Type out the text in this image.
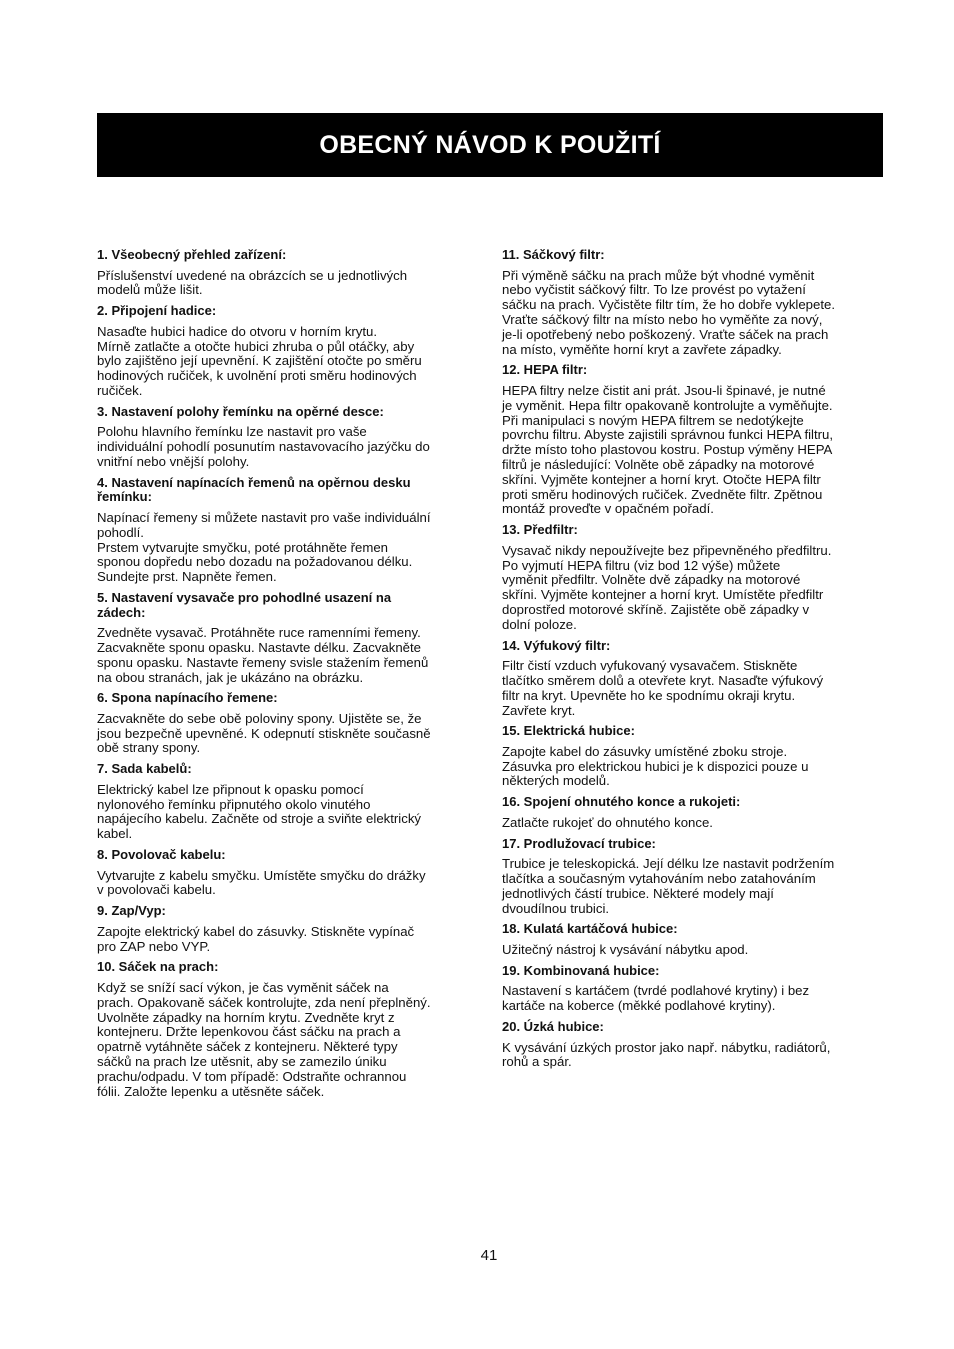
OBECNÝ NÁVOD K POUŽITÍ
1. Všeobecný přehled zařízení:

Příslušenství uvedené na obrázcích se u jednotlivých
modelů může lišit.

2. Připojení hadice:

Nasaďte hubici hadice do otvoru v horním krytu.
Mírně zatlačte a otočte hubici zhruba o půl otáčky, aby
bylo zajištěno její upevnění. K zajištění otočte po směru
hodinových ručiček, k uvolnění proti směru hodinových
ručiček.

3. Nastavení polohy řemínku na opěrné desce:

Polohu hlavního řemínku lze nastavit pro vaše
individuální pohodlí posunutím nastavovacího jazýčku do
vnitřní nebo vnější polohy.

4. Nastavení napínacích řemenů na opěrnou desku
řemínku:

Napínací řemeny si můžete nastavit pro vaše individuální
pohodlí.
Prstem vytvarujte smyčku, poté protáhněte řemen
sponou dopředu nebo dozadu na požadovanou délku.
Sundejte prst. Napněte řemen.

5. Nastavení vysavače pro pohodlné usazení na
zádech:

Zvedněte vysavač. Protáhněte ruce ramenními řemeny.
Zacvakněte sponu opasku. Nastavte délku. Zacvakněte
sponu opasku. Nastavte řemeny svisle stažením řemenů
na obou stranách, jak je ukázáno na obrázku.

6. Spona napínacího řemene:

Zacvakněte do sebe obě poloviny spony. Ujistěte se, že
jsou bezpečně upevněné. K odepnutí stiskněte současně
obě strany spony.

7. Sada kabelů:

Elektrický kabel lze připnout k opasku pomocí
nylonového řemínku připnutého okolo vinutého
napájecího kabelu. Začněte od stroje a sviňte elektrický
kabel.

8. Povolovač kabelu:

Vytvarujte z kabelu smyčku. Umístěte smyčku do drážky
v povolovači kabelu.

9. Zap/Vyp:

Zapojte elektrický kabel do zásuvky. Stiskněte vypínač
pro ZAP nebo VYP.

10. Sáček na prach:

Když se sníží sací výkon, je čas vyměnit sáček na
prach. Opakovaně sáček kontrolujte, zda není přeplněný.
Uvolněte západky na horním krytu. Zvedněte kryt z
kontejneru. Držte lepenkovou část sáčku na prach a
opatrně vytáhněte sáček z kontejneru. Některé typy
sáčků na prach lze utěsnit, aby se zamezilo úniku
prachu/odpadu. V tom případě: Odstraňte ochrannou
fólii. Založte lepenku a utěsněte sáček.

11. Sáčkový filtr:

Při výměně sáčku na prach může být vhodné vyměnit
nebo vyčistit sáčkový filtr. To lze provést po vytažení
sáčku na prach. Vyčistěte filtr tím, že ho dobře vyklepete.
Vraťte sáčkový filtr na místo nebo ho vyměňte za nový,
je-li opotřebený nebo poškozený. Vraťte sáček na prach
na místo, vyměňte horní kryt a zavřete západky.

12. HEPA filtr:

HEPA filtry nelze čistit ani prát. Jsou-li špinavé, je nutné
je vyměnit. Hepa filtr opakovaně kontrolujte a vyměňujte.
Při manipulaci s novým HEPA filtrem se nedotýkejte
povrchu filtru. Abyste zajistili správnou funkci HEPA filtru,
držte místo toho plastovou kostru. Postup výměny HEPA
filtrů je následující: Volněte obě západky na motorové
skříni. Vyjměte kontejner a horní kryt. Otočte HEPA filtr
proti směru hodinových ručiček. Zvedněte filtr. Zpětnou
montáž proveďte v opačném pořadí.

13. Předfiltr:

Vysavač nikdy nepoužívejte bez připevněného předfiltru.
Po vyjmutí HEPA filtru (viz bod 12 výše) můžete
vyměnit předfiltr. Volněte dvě západky na motorové
skříni. Vyjměte kontejner a horní kryt. Umístěte předfiltr
doprostřed motorové skříně. Zajistěte obě západky v
dolní poloze.

14. Výfukový filtr:

Filtr čistí vzduch vyfukovaný vysavačem. Stiskněte
tlačítko směrem dolů a otevřete kryt. Nasaďte výfukový
filtr na kryt. Upevněte ho ke spodnímu okraji krytu.
Zavřete kryt.

15. Elektrická hubice:

Zapojte kabel do zásuvky umístěné zboku stroje.
Zásuvka pro elektrickou hubici je k dispozici pouze u
některých modelů.

16. Spojení ohnutého konce a rukojeti:

Zatlačte rukojeť do ohnutého konce.

17. Prodlužovací trubice:

Trubice je teleskopická. Její délku lze nastavit podržením
tlačítka a současným vytahováním nebo zatahováním
jednotlivých částí trubice. Některé modely mají
dvoudílnou trubici.

18. Kulatá kartáčová hubice:

Užitečný nástroj k vysávání nábytku apod.

19. Kombinovaná hubice:

Nastavení s kartáčem (tvrdé podlahové krytiny) i bez
kartáče na koberce (měkké podlahové krytiny).

20. Úzká hubice:

K vysávání úzkých prostor jako např. nábytku, radiátorů,
rohů a spár.

41
